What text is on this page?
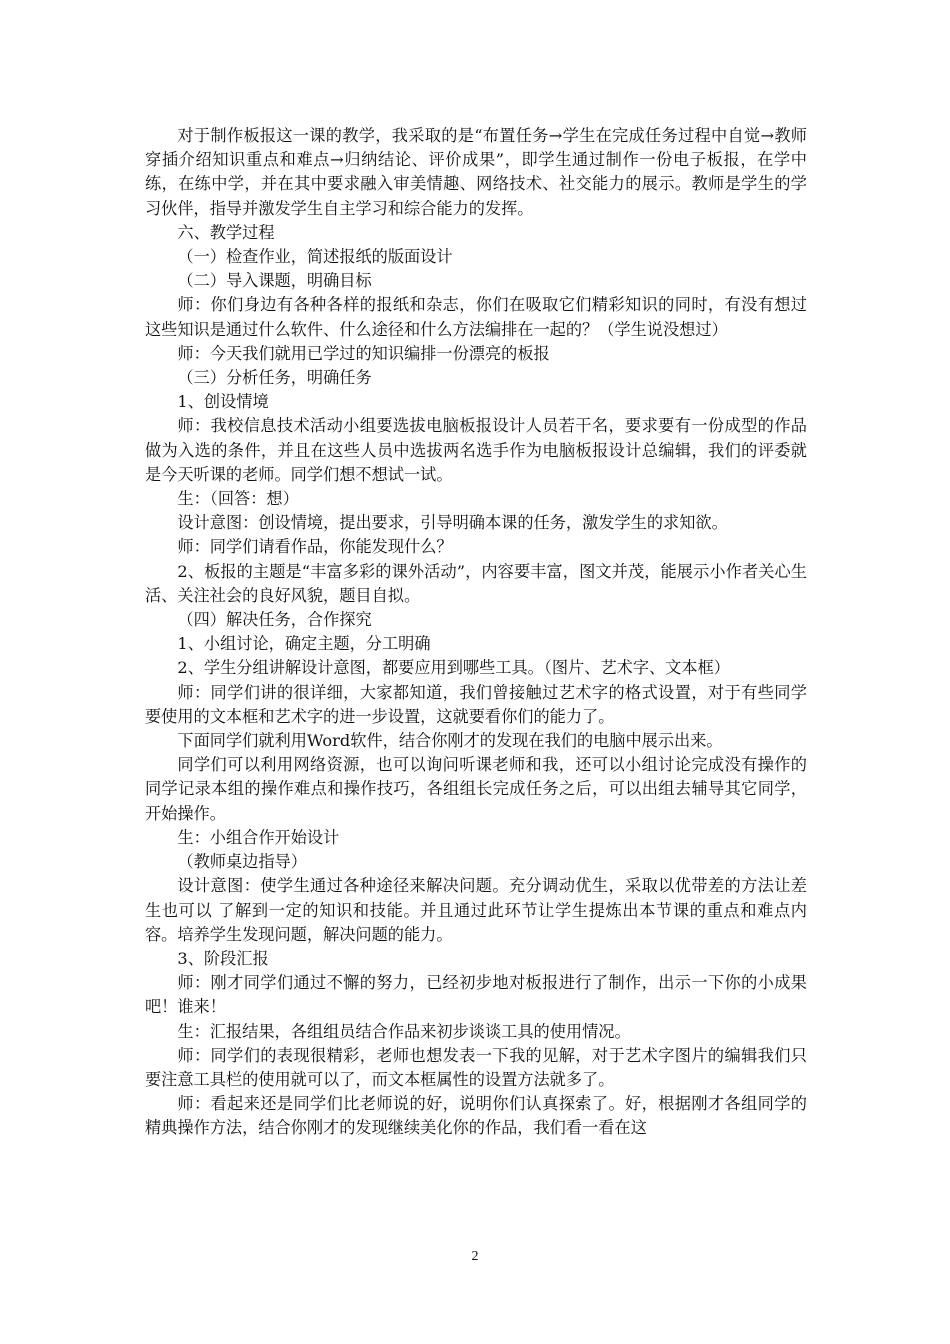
对于制作板报这一课的教学，我采取的是“布置任务→学生在完成任务过程中自觉→教师穿插介绍知识重点和难点→归纳结论、评价成果”，即学生通过制作一份电子板报，在学中练，在练中学，并在其中要求融入审美情趣、网络技术、社交能力的展示。教师是学生的学习伙伴，指导并激发学生自主学习和综合能力的发挥。

六、教学过程

（一）检查作业，简述报纸的版面设计

（二）导入课题，明确目标

师：你们身边有各种各样的报纸和杂志，你们在吸取它们精彩知识的同时，有没有想过这些知识是通过什么软件、什么途径和什么方法编排在一起的？（学生说没想过）

师：今天我们就用已学过的知识编排一份漂亮的板报

（三）分析任务，明确任务

1、创设情境

师：我校信息技术活动小组要选拔电脑板报设计人员若干名，要求要有一份成型的作品做为入选的条件，并且在这些人员中选拔两名选手作为电脑板报设计总编辑，我们的评委就是今天听课的老师。同学们想不想试一试。

生：（回答：想）

设计意图：创设情境，提出要求，引导明确本课的任务，激发学生的求知欲。

师：同学们请看作品，你能发现什么？

2、板报的主题是“丰富多彩的课外活动”，内容要丰富，图文并茂，能展示小作者关心生活、关注社会的良好风貌，题目自拟。

（四）解决任务，合作探究

1、小组讨论，确定主题，分工明确

2、学生分组讲解设计意图，都要应用到哪些工具。（图片、艺术字、文本框）

师：同学们讲的很详细，大家都知道，我们曾接触过艺术字的格式设置，对于有些同学要使用的文本框和艺术字的进一步设置，这就要看你们的能力了。

下面同学们就利用Word软件，结合你刚才的发现在我们的电脑中展示出来。

同学们可以利用网络资源，也可以询问听课老师和我，还可以小组讨论完成没有操作的同学记录本组的操作难点和操作技巧，各组组长完成任务之后，可以出组去辅导其它同学，开始操作。

生：小组合作开始设计

（教师桌边指导）

设计意图：使学生通过各种途径来解决问题。充分调动优生，采取以优带差的方法让差生也可以 了解到一定的知识和技能。并且通过此环节让学生提炼出本节课的重点和难点内容。培养学生发现问题，解决问题的能力。

3、阶段汇报

师：刚才同学们通过不懈的努力，已经初步地对板报进行了制作，出示一下你的小成果吧！谁来！

生：汇报结果，各组组员结合作品来初步谈谈工具的使用情况。

师：同学们的表现很精彩，老师也想发表一下我的见解，对于艺术字图片的编辑我们只要注意工具栏的使用就可以了，而文本框属性的设置方法就多了。

师：看起来还是同学们比老师说的好，说明你们认真探索了。好，根据刚才各组同学的精典操作方法，结合你刚才的发现继续美化你的作品，我们看一看在这

2
